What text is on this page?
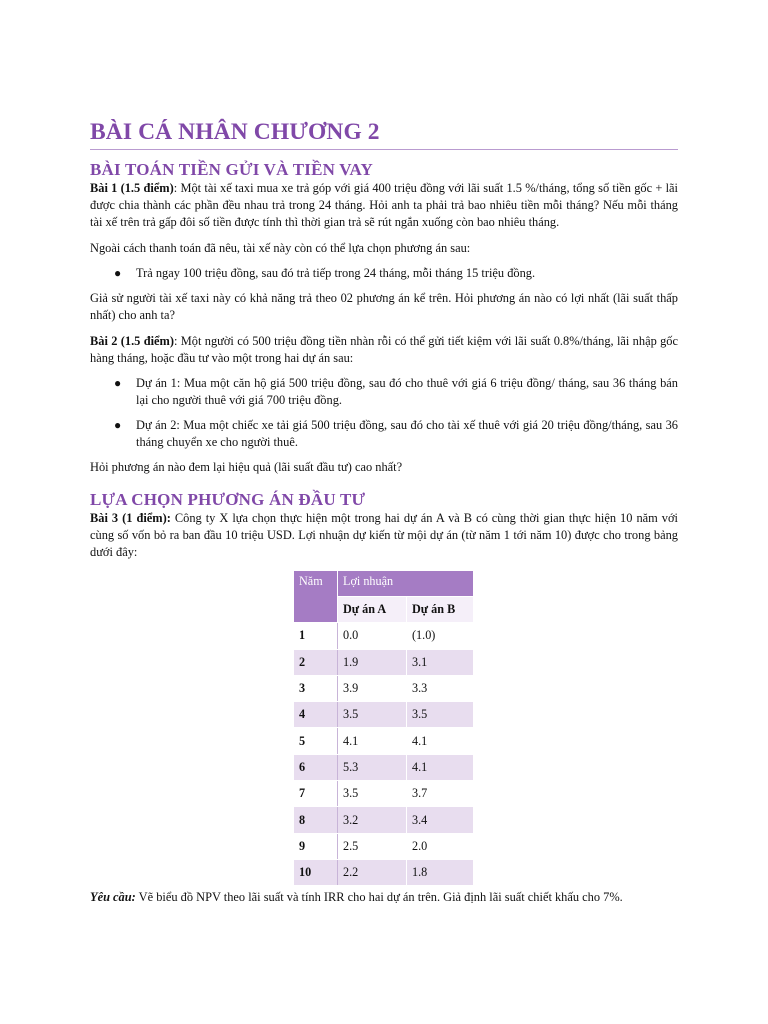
BÀI CÁ NHÂN CHƯƠNG 2
BÀI TOÁN TIỀN GỬI VÀ TIỀN VAY

Bài 1 (1.5 điểm): Một tài xế taxi mua xe trả góp với giá 400 triệu đồng với lãi suất 1.5 %/tháng, tổng số tiền gốc + lãi được chia thành các phần đều nhau trả trong 24 tháng. Hỏi anh ta phải trả bao nhiêu tiền mỗi tháng? Nếu mỗi tháng tài xế trên trả gấp đôi số tiền được tính thì thời gian trả sẽ rút ngắn xuống còn bao nhiêu tháng.

Ngoài cách thanh toán đã nêu, tài xế này còn có thể lựa chọn phương án sau:

● Trả ngay 100 triệu đồng, sau đó trả tiếp trong 24 tháng, mỗi tháng 15 triệu đồng.

Giả sử người tài xế taxi này có khả năng trả theo 02 phương án kể trên. Hỏi phương án nào có lợi nhất (lãi suất thấp nhất) cho anh ta?

Bài 2 (1.5 điểm): Một người có 500 triệu đồng tiền nhàn rỗi có thể gửi tiết kiệm với lãi suất 0.8%/tháng, lãi nhập gốc hàng tháng, hoặc đầu tư vào một trong hai dự án sau:

● Dự án 1: Mua một căn hộ giá 500 triệu đồng, sau đó cho thuê với giá 6 triệu đồng/ tháng, sau 36 tháng bán lại cho người thuê với giá 700 triệu đồng.
● Dự án 2: Mua một chiếc xe tải giá 500 triệu đồng, sau đó cho tài xế thuê với giá 20 triệu đồng/tháng, sau 36 tháng chuyển xe cho người thuê.

Hỏi phương án nào đem lại hiệu quả (lãi suất đầu tư) cao nhất?

LỰA CHỌN PHƯƠNG ÁN ĐẦU TƯ

Bài 3 (1 điểm): Công ty X lựa chọn thực hiện một trong hai dự án A và B có cùng thời gian thực hiện 10 năm với cùng số vốn bỏ ra ban đầu 10 triệu USD. Lợi nhuận dự kiến từ mội dự án (từ năm 1 tới năm 10) được cho trong bảng dưới đây:

Năm	Lợi nhuận	
	Dự án A	Dự án B
1	0.0	(1.0)
2	1.9	3.1
3	3.9	3.3
4	3.5	3.5
5	4.1	4.1
6	5.3	4.1
7	3.5	3.7
8	3.2	3.4
9	2.5	2.0
10	2.2	1.8

Yêu cầu: Vẽ biểu đồ NPV theo lãi suất và tính IRR cho hai dự án trên. Giả định lãi suất chiết khấu cho 7%.
